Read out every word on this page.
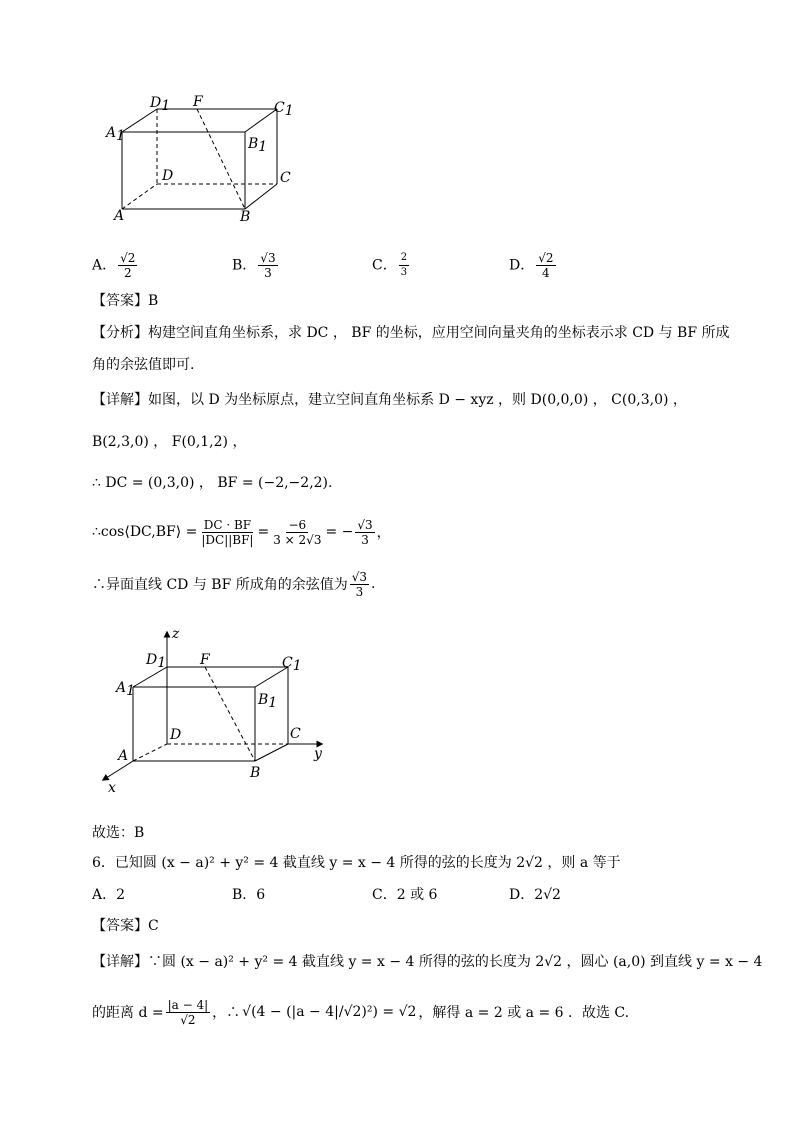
A1
D1 F	C1
B1
D	C
A	B
A． $\frac{√2}{2}$	B． $\frac{√3}{3}$	C． $\frac{2}{3}$	D． $\frac{√2}{4}$
【答案】B
【分析】构建空间直角坐标系，求 DC ， BF 的坐标，应用空间向量夹角的坐标表示求 CD 与 BF 所成
角的余弦值即可.
【详解】如图，以 D 为坐标原点，建立空间直角坐标系 D − xyz ，则 D(0,0,0) ， C(0,3,0) ，
B(2,3,0) ， F(0,1,2) ，
∴ DC = (0,3,0) ， BF = (−2,−2,2).
∴cos⟨DC,BF⟩ = $\frac{DC \cdot BF}{|DC||BF|} = \frac{-6}{3 \times 2√3}$ = − $\frac{√3}{3}$ ，
∴异面直线 CD 与 BF 所成角的余弦值为 $\frac{√3}{3}$ .
z
y
x
D1 F	C1
A1
B1
D	C
A
B
故选：B
6．已知圆 (x − a)² + y² = 4 截直线 y = x − 4 所得的弦的长度为 2√2 ，则 a 等于
A．2	B．6	C．2 或 6	D．2√2
【答案】C
【详解】∵圆 (x − a)² + y² = 4 截直线 y = x − 4 所得的弦的长度为 2√2 ，圆心 (a,0) 到直线 y = x − 4
的距离 $d = \frac{|a - 4|}{√2}$ ，∴ √(4 − (|a − 4|/√2)²) = √2 ，解得 a = 2 或 a = 6 ．故选 C.
